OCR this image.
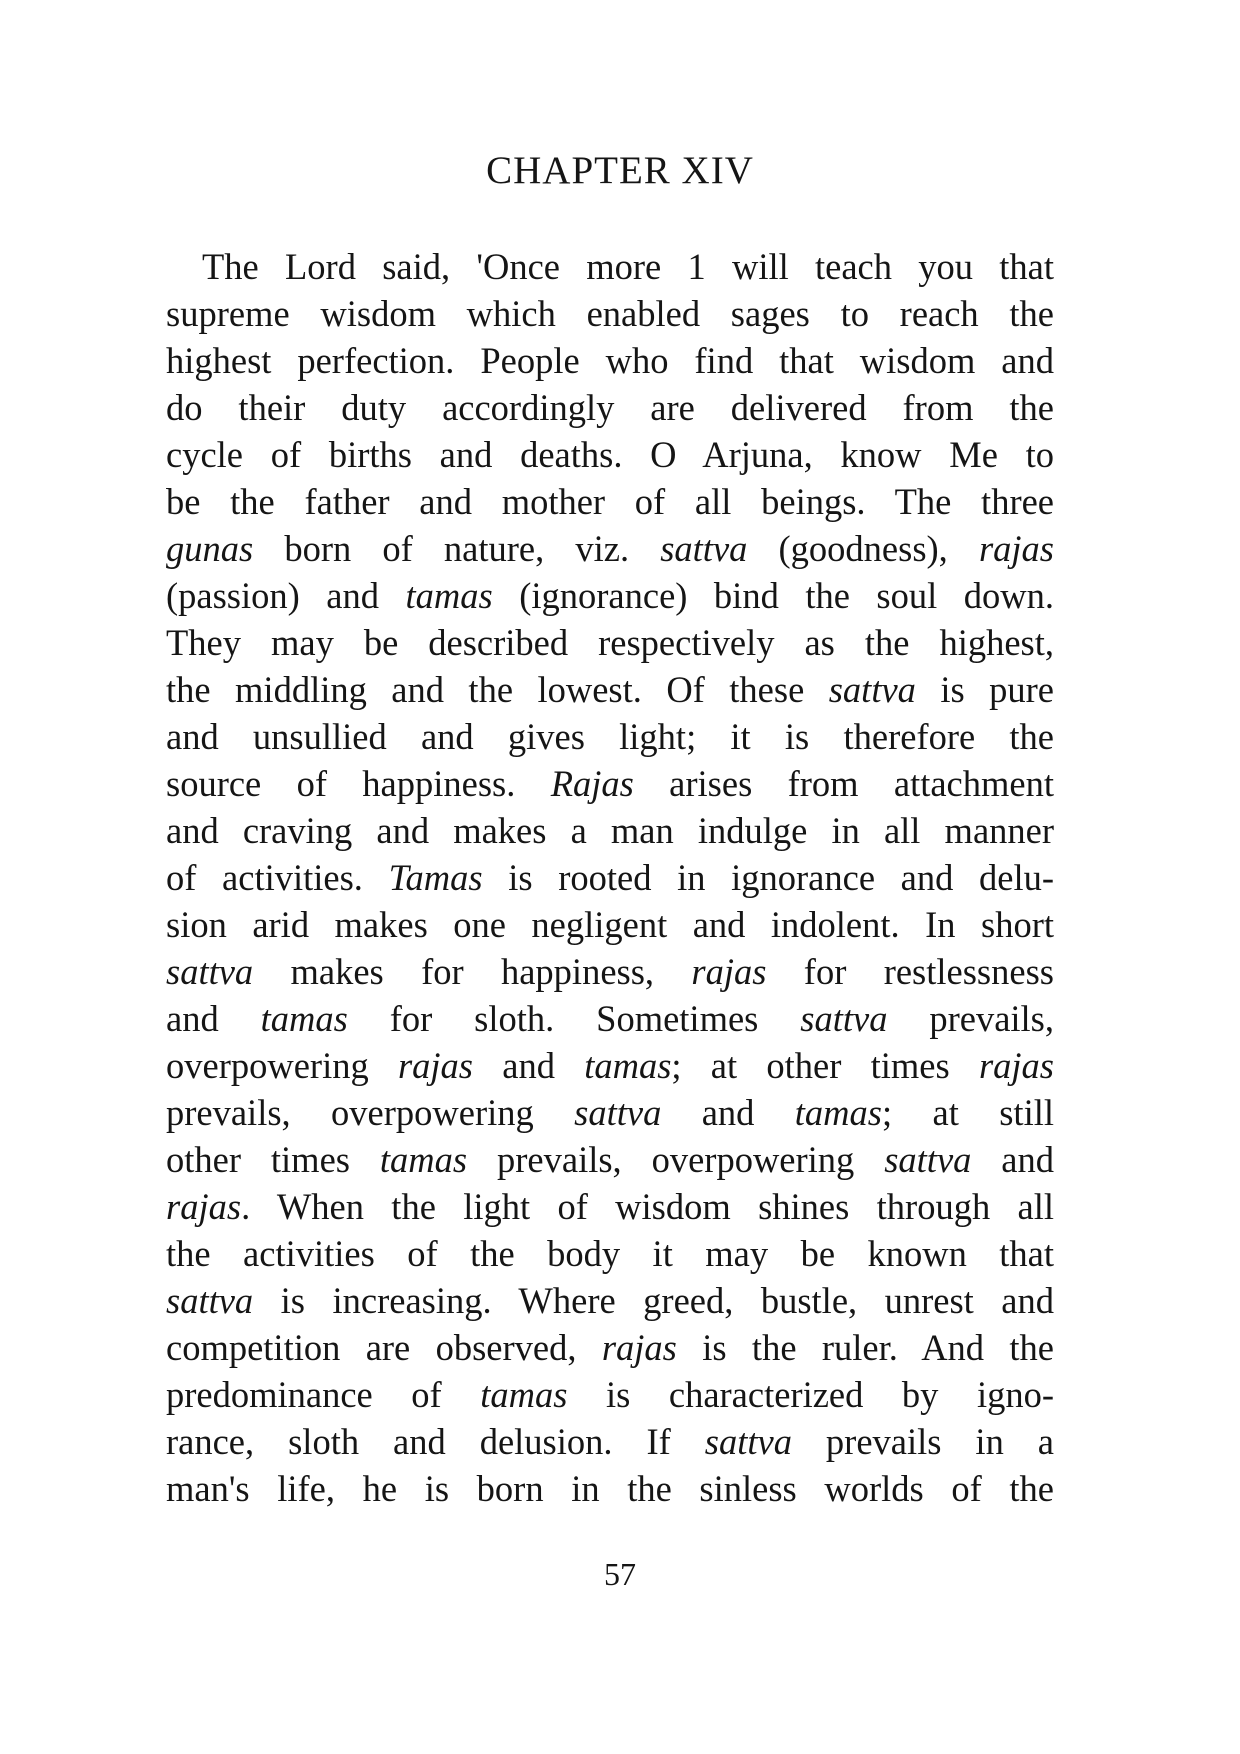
CHAPTER XIV
The Lord said, 'Once more 1 will teach you that
supreme wisdom which enabled sages to reach the
highest perfection. People who find that wisdom and
do their duty accordingly are delivered from the
cycle of births and deaths. O Arjuna, know Me to
be the father and mother of all beings. The three
gunas born of nature, viz. sattva (goodness), rajas
(passion) and tamas (ignorance) bind the soul down.
They may be described respectively as the highest,
the middling and the lowest. Of these sattva is pure
and unsullied and gives light; it is therefore the
source of happiness. Rajas arises from attachment
and craving and makes a man indulge in all manner
of activities. Tamas is rooted in ignorance and delu-
sion arid makes one negligent and indolent. In short
sattva makes for happiness, rajas for restlessness
and tamas for sloth. Sometimes sattva prevails,
overpowering rajas and tamas; at other times rajas
prevails, overpowering sattva and tamas; at still
other times tamas prevails, overpowering sattva and
rajas. When the light of wisdom shines through all
the activities of the body it may be known that
sattva is increasing. Where greed, bustle, unrest and
competition are observed, rajas is the ruler. And the
predominance of tamas is characterized by igno-
rance, sloth and delusion. If sattva prevails in a
man's life, he is born in the sinless worlds of the
57
